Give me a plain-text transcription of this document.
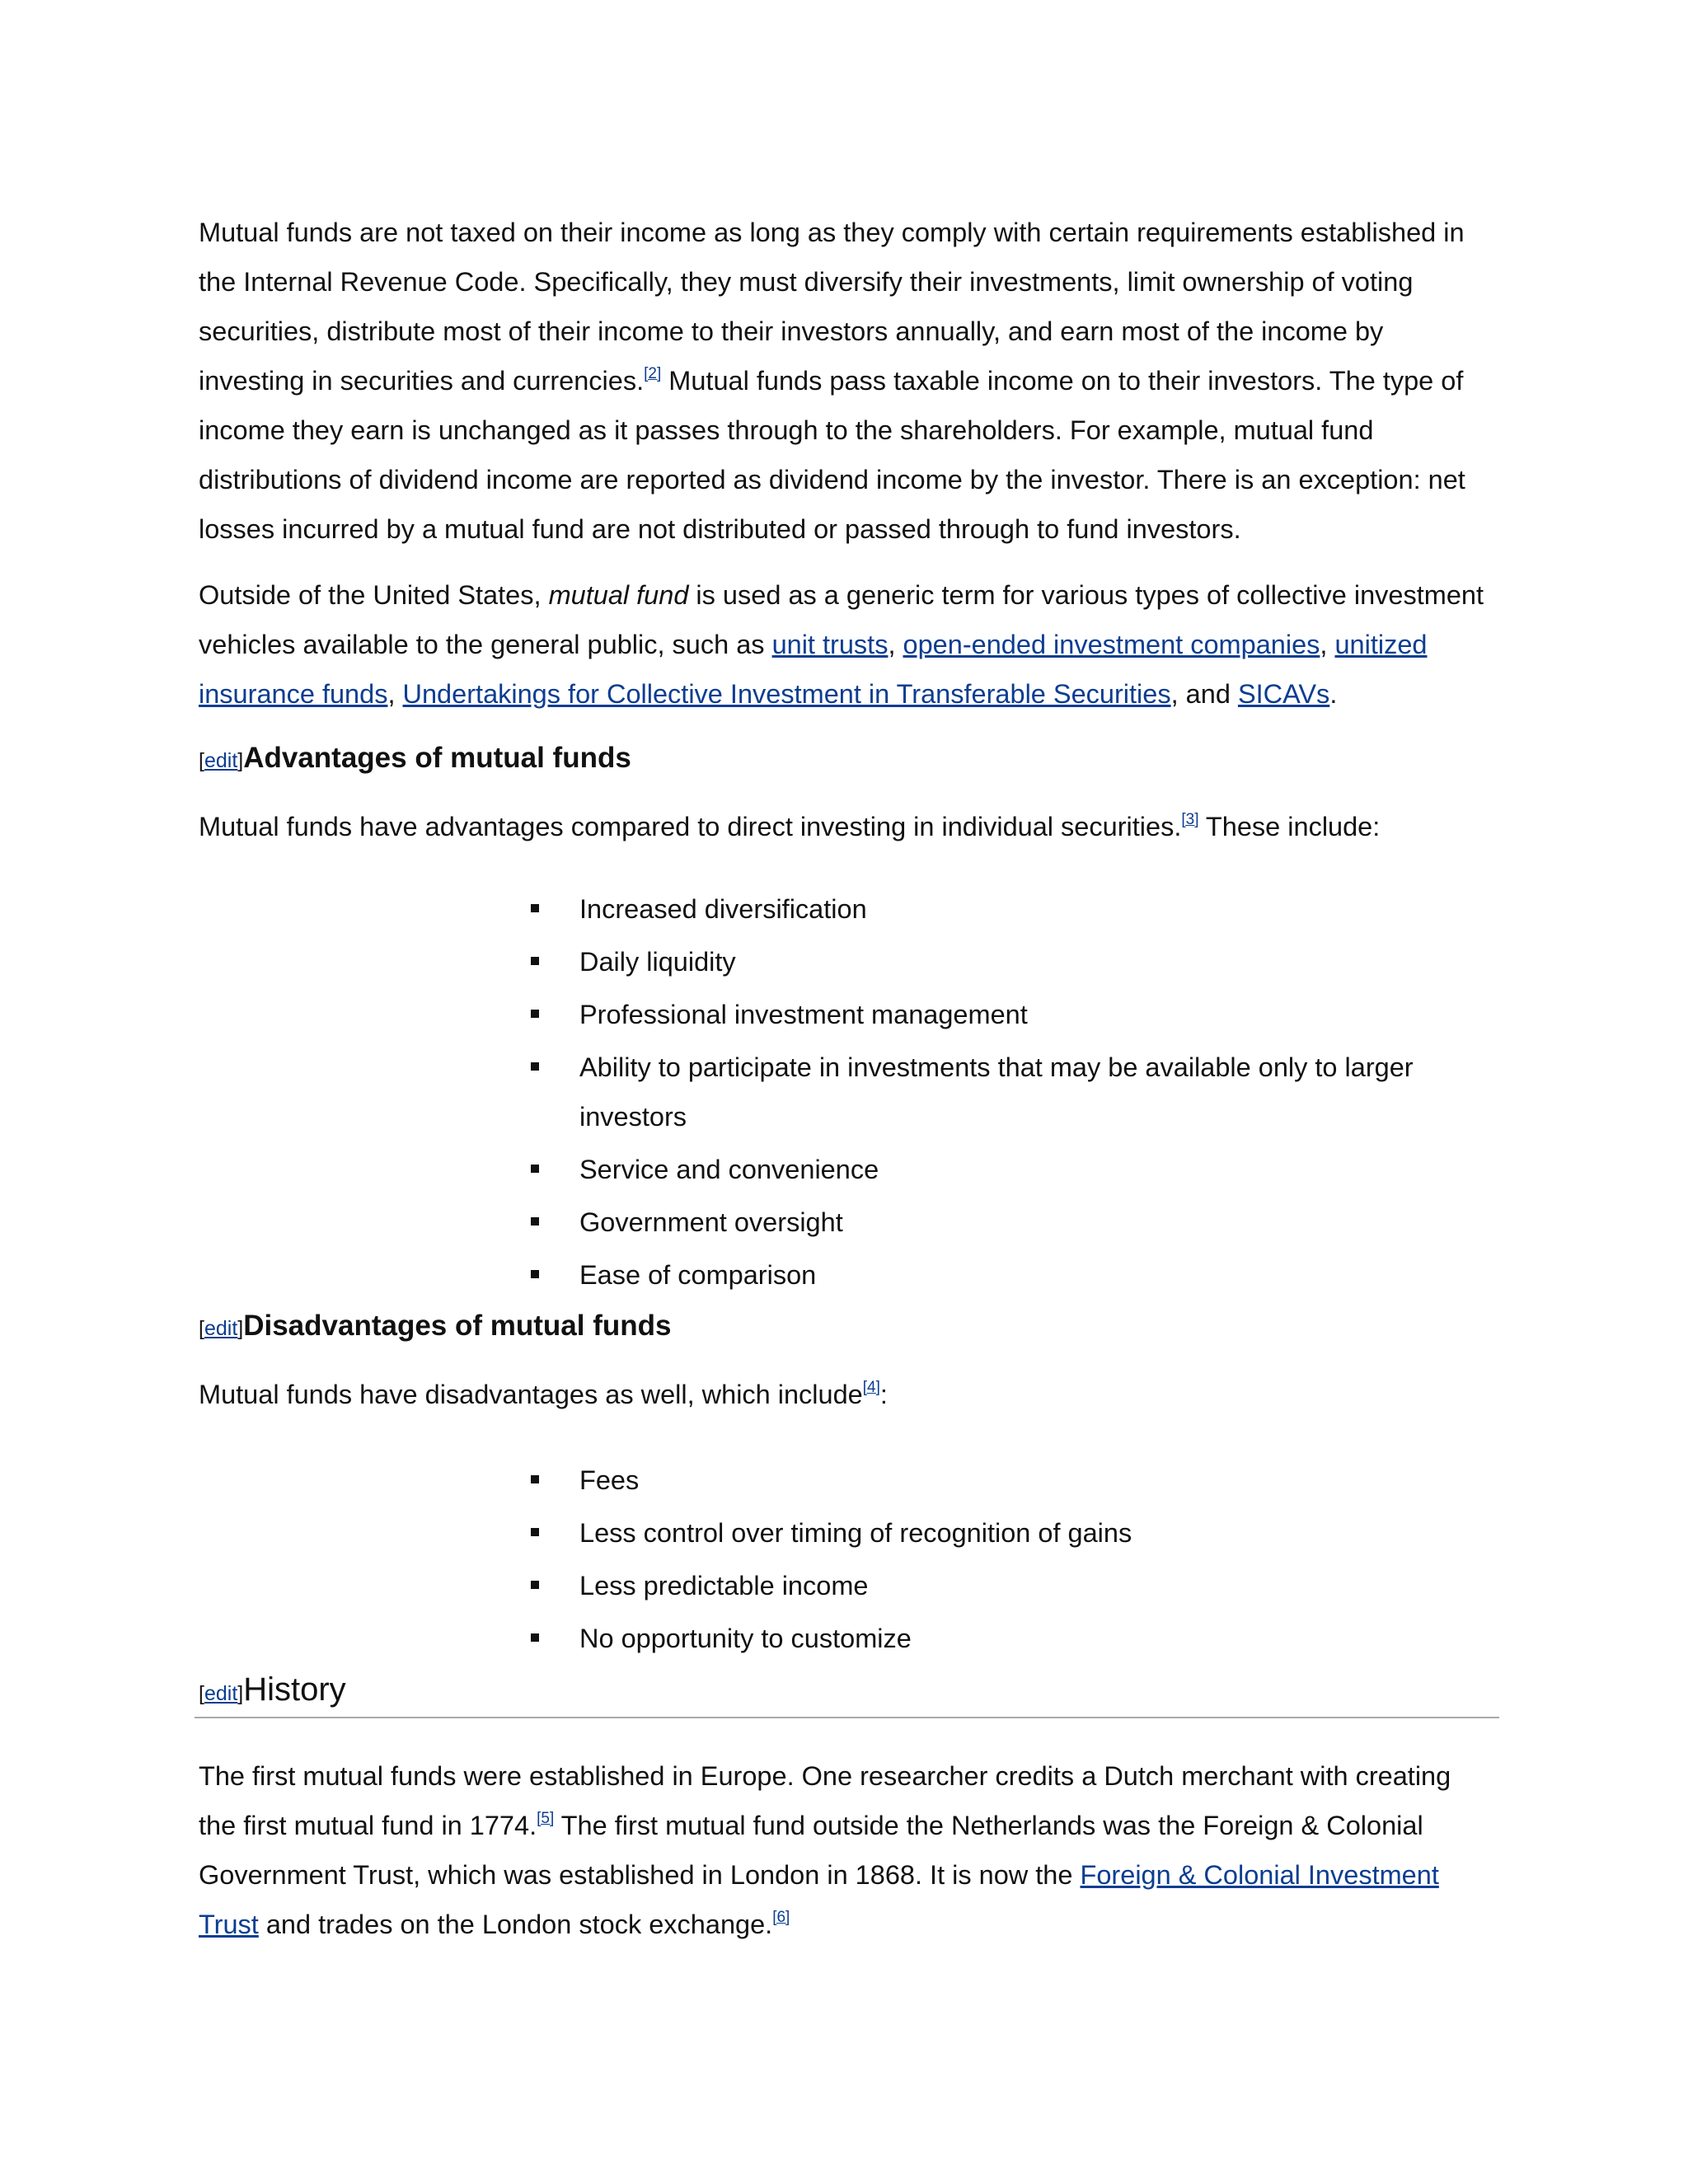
Mutual funds are not taxed on their income as long as they comply with certain requirements established in the Internal Revenue Code. Specifically, they must diversify their investments, limit ownership of voting securities, distribute most of their income to their investors annually, and earn most of the income by investing in securities and currencies.[2] Mutual funds pass taxable income on to their investors. The type of income they earn is unchanged as it passes through to the shareholders. For example, mutual fund distributions of dividend income are reported as dividend income by the investor. There is an exception: net losses incurred by a mutual fund are not distributed or passed through to fund investors.

Outside of the United States, mutual fund is used as a generic term for various types of collective investment vehicles available to the general public, such as unit trusts, open-ended investment companies, unitized insurance funds, Undertakings for Collective Investment in Transferable Securities, and SICAVs.

[edit] Advantages of mutual funds

Mutual funds have advantages compared to direct investing in individual securities.[3] These include:

Increased diversification
Daily liquidity
Professional investment management
Ability to participate in investments that may be available only to larger investors
Service and convenience
Government oversight
Ease of comparison
[edit] Disadvantages of mutual funds

Mutual funds have disadvantages as well, which include[4]:

Fees
Less control over timing of recognition of gains
Less predictable income
No opportunity to customize
[edit] History

The first mutual funds were established in Europe. One researcher credits a Dutch merchant with creating the first mutual fund in 1774.[5] The first mutual fund outside the Netherlands was the Foreign & Colonial Government Trust, which was established in London in 1868. It is now the Foreign & Colonial Investment Trust and trades on the London stock exchange.[6]
